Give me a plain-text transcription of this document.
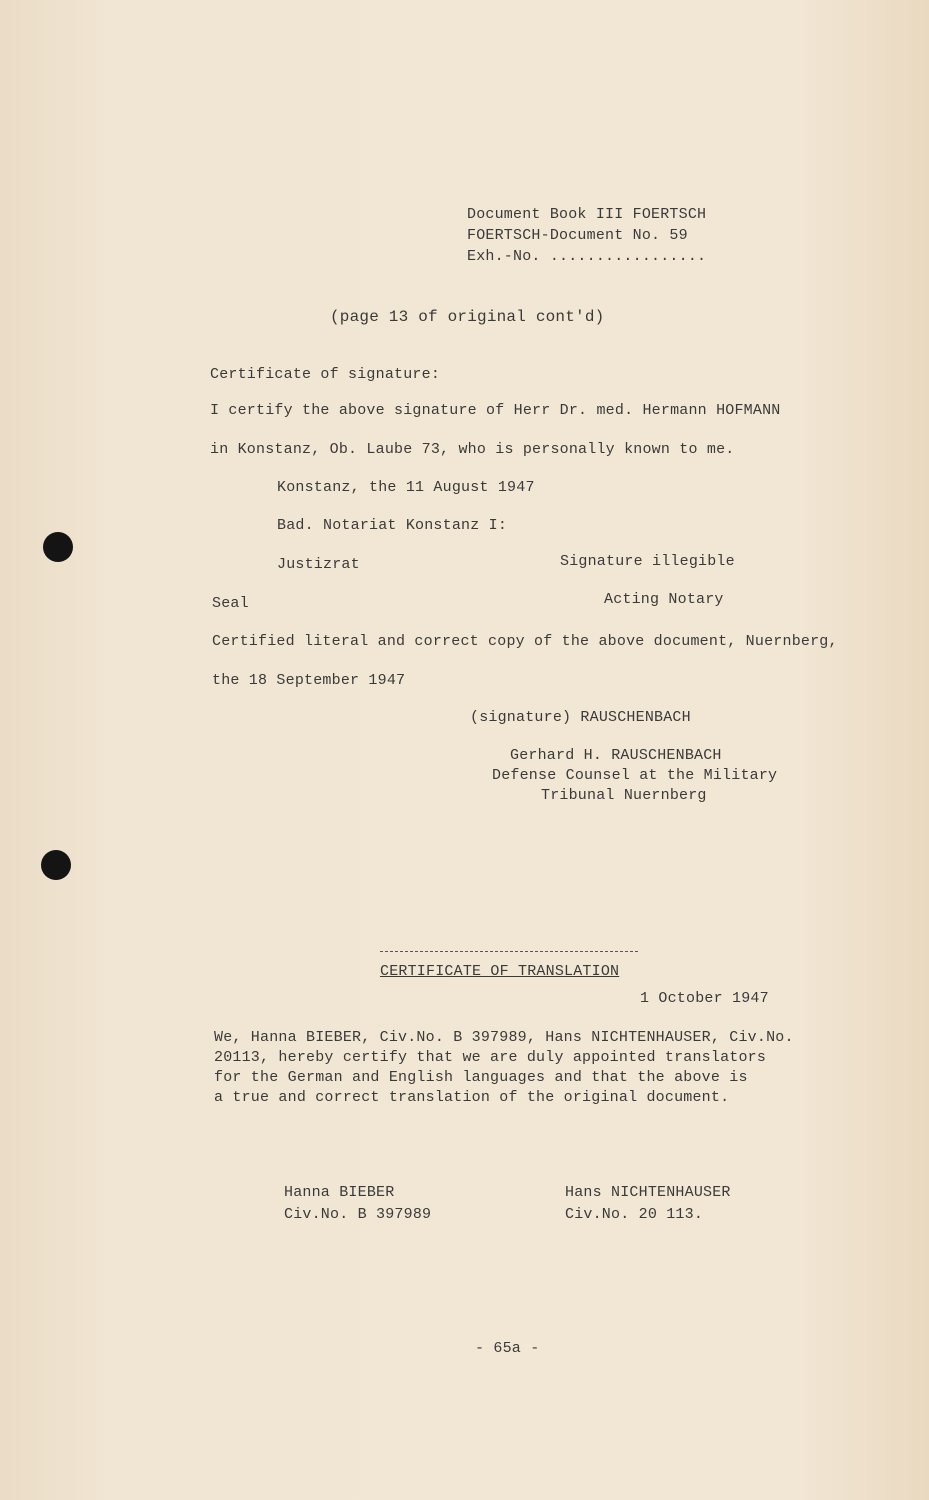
Document Book III FOERTSCH
FOERTSCH-Document No. 59
Exh.-No. .................
(page 13 of original cont'd)
Certificate of signature:
I certify the above signature of Herr Dr. med. Hermann HOFMANN
in Konstanz, Ob. Laube 73, who is personally known to me.
Konstanz, the 11 August 1947
Bad. Notariat Konstanz I:
Justizrat	Signature illegible
Seal	Acting Notary
Certified literal and correct copy of the above document, Nuernberg,
the 18 September 1947
(signature) RAUSCHENBACH
Gerhard H. RAUSCHENBACH
Defense Counsel at the Military
Tribunal Nuernberg
CERTIFICATE OF TRANSLATION
1 October 1947
We, Hanna BIEBER, Civ.No. B 397989, Hans NICHTENHAUSER, Civ.No.
20113, hereby certify that we are duly appointed translators
for the German and English languages and that the above is
a true and correct translation of the original document.
Hanna BIEBER
Civ.No. B 397989
Hans NICHTENHAUSER
Civ.No. 20 113.
- 65a -
